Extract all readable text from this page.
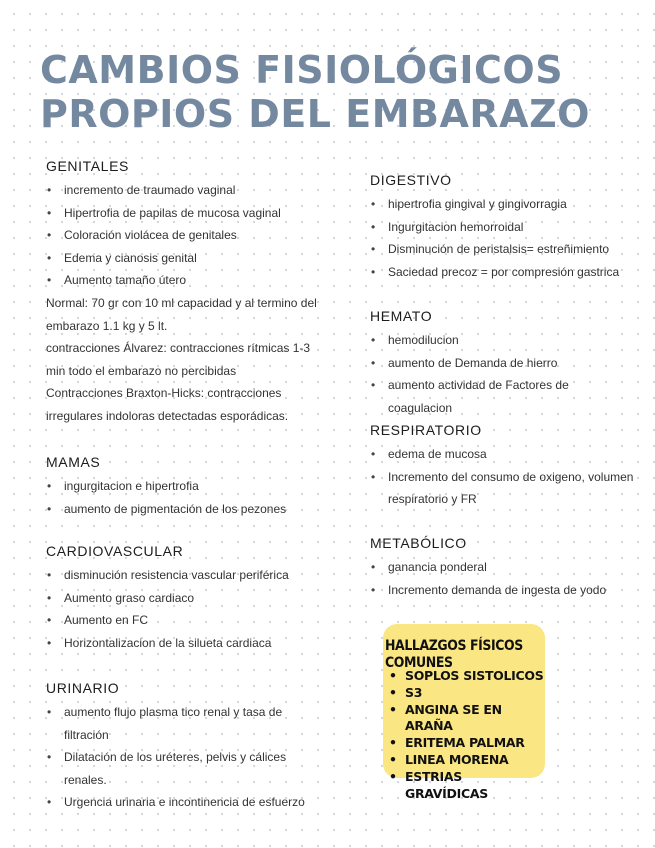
CAMBIOS FISIOLÓGICOS
PROPIOS DEL EMBARAZO
GENITALES
• incremento de traumado vaginal
• Hipertrofia de papilas de mucosa vaginal
• Coloración violácea de genitales
• Edema y cianosis genital
• Aumento tamaño útero

Normal: 70 gr con 10 ml capacidad y al termino del embarazo 1.1 kg y 5 lt.

contracciones Álvarez: contracciones rítmicas 1-3 min todo el embarazo no percibidas

Contracciones Braxton-Hicks: contracciones irregulares indoloras detectadas esporádicas.

MAMAS
• ingurgitacion e hipertrofia
• aumento de pigmentación de los pezones
CARDIOVASCULAR
• disminución resistencia vascular periférica
• Aumento graso cardiaco
• Aumento en FC
• Horizontalizacion de la silueta cardiaca
URINARIO
• aumento flujo plasma tico renal y tasa de filtración
• Dilatación de los uréteres, pelvis y cálices renales.
• Urgencia urinaria e incontinencia de esfuerzo
DIGESTIVO
• hipertrofia gingival y gingivorragia
• Ingurgitacion hemorroidal
• Disminución de peristalsis= estreñimiento
• Saciedad precoz = por compresión gastrica
HEMATO
• hemodilucion
• aumento de Demanda de hierro
• aumento actividad de Factores de coagulacion
RESPIRATORIO
• edema de mucosa
• Incremento del consumo de oxigeno, volumen respiratorio y FR
METABÓLICO
• ganancia ponderal
• Incremento demanda de ingesta de yodo
HALLAZGOS FÍSICOS COMUNES
• SOPLOS SISTOLICOS
• S3
• ANGINA SE EN ARAÑA
• ERITEMA PALMAR
• LINEA MORENA
• ESTRIAS GRAVÍDICAS
